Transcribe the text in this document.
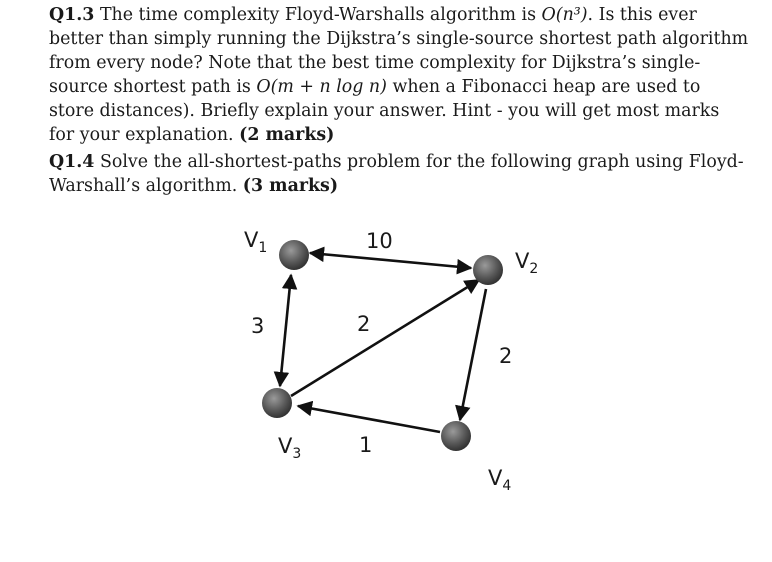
Q1.3 The time complexity Floyd-Warshalls algorithm is O(n³). Is this ever better than simply running the Dijkstra’s single-source shortest path algorithm from every node? Note that the best time complexity for Dijkstra’s single-source shortest path is O(m + n log n) when a Fibonacci heap are used to store distances). Briefly explain your answer. Hint - you will get most marks for your explanation. (2 marks)
Q1.4 Solve the all-shortest-paths problem for the following graph using Floyd-Warshall’s algorithm. (3 marks)
$V_1$
$V_2$
$V_3$
$V_4$
10
3	2
2
1
